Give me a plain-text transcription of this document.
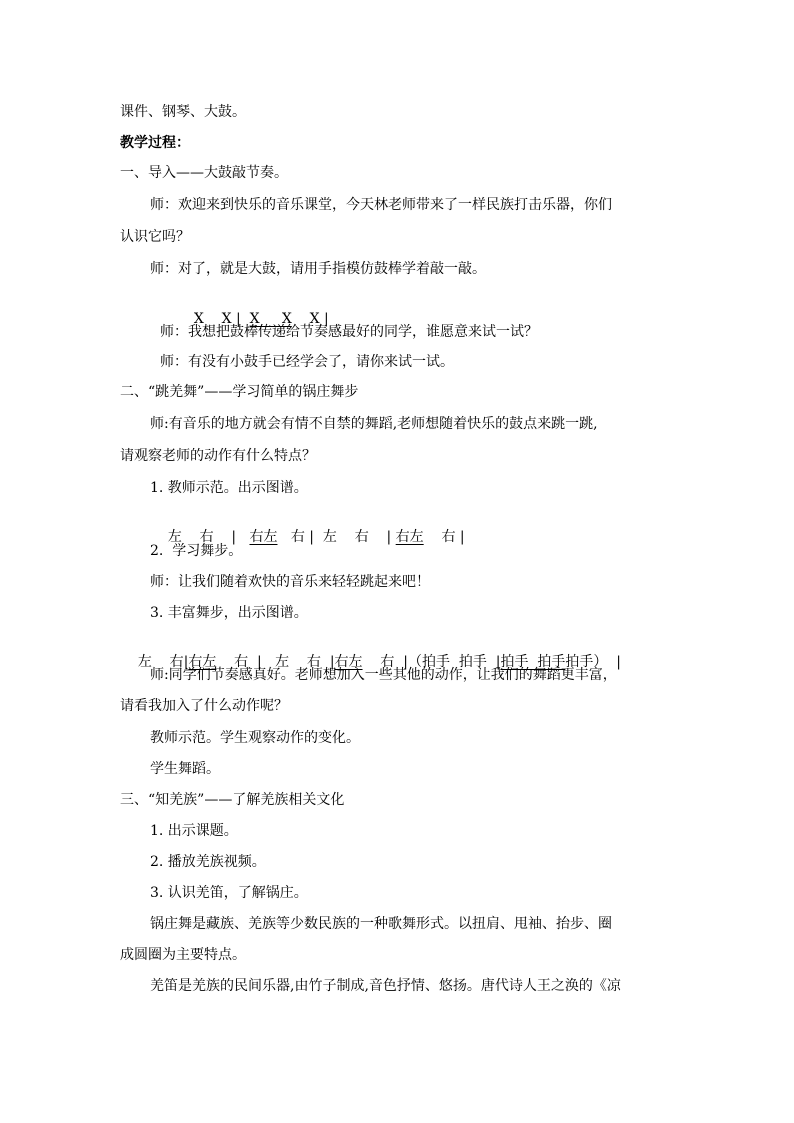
课件、钢琴、大鼓。
教学过程：
一、导入——大鼓敲节奏。
师：欢迎来到快乐的音乐课堂，今天林老师带来了一样民族打击乐器，你们
认识它吗？
师：对了，就是大鼓，请用手指模仿鼓棒学着敲一敲。

X    X |  X     X    X |

师：我想把鼓棒传递给节奏感最好的同学，谁愿意来试一试？
师：有没有小鼓手已经学会了，请你来试一试。
二、“跳羌舞”——学习简单的锅庄舞步
师:有音乐的地方就会有情不自禁的舞蹈,老师想随着快乐的鼓点来跳一跳,
请观察老师的动作有什么特点？
1. 教师示范。出示图谱。

左    右    |   右左   右 |  左    右    | 右左    右 |

2.  学习舞步。
师：让我们随着欢快的音乐来轻轻跳起来吧！
3. 丰富舞步，出示图谱。

左    右|右左    右  |   左    右  |右左    右  |（拍手  拍手  |拍手  拍手拍手）  |

师:同学们节奏感真好。老师想加入一些其他的动作，让我们的舞蹈更丰富，
请看我加入了什么动作呢？
教师示范。学生观察动作的变化。
学生舞蹈。
三、“知羌族”——了解羌族相关文化
1. 出示课题。
2. 播放羌族视频。
3. 认识羌笛，了解锅庄。
锅庄舞是藏族、羌族等少数民族的一种歌舞形式。以扭肩、甩袖、抬步、圈
成圆圈为主要特点。
羌笛是羌族的民间乐器,由竹子制成,音色抒情、悠扬。唐代诗人王之涣的《凉
